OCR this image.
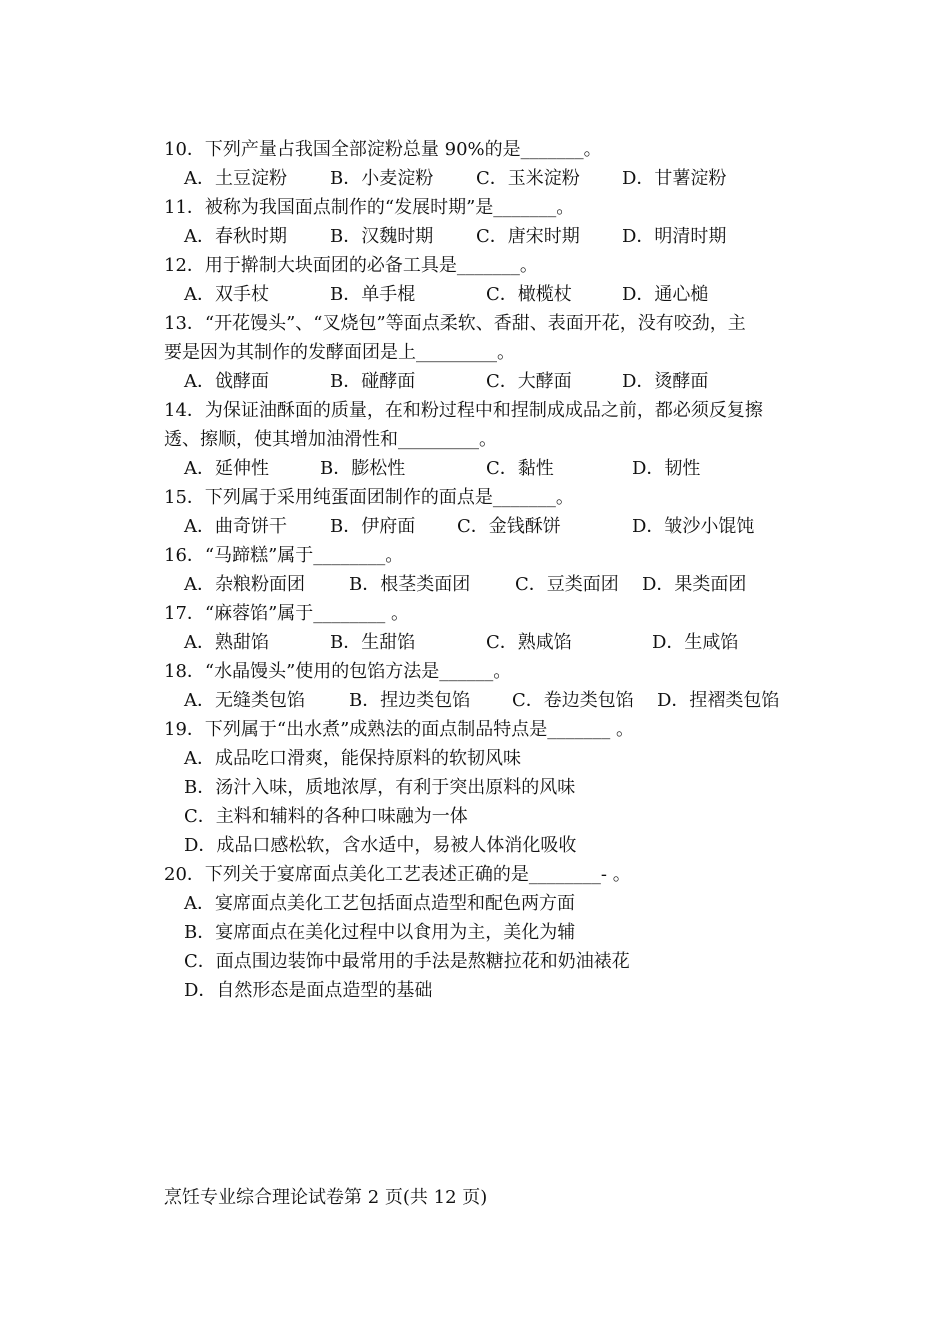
10．下列产量占我国全部淀粉总量 90%的是_______。
A．土豆淀粉 B．小麦淀粉 C．玉米淀粉 D．甘薯淀粉
11．被称为我国面点制作的“发展时期”是_______。
A．春秋时期 B．汉魏时期 C．唐宋时期 D．明清时期
12．用于擀制大块面团的必备工具是_______。
A．双手杖	B．单手棍	C．橄榄杖	D．通心槌
13．“开花馒头”、“叉烧包”等面点柔软、香甜、表面开花，没有咬劲，主
要是因为其制作的发酵面团是上_________。
A．戗酵面	B．碰酵面	C．大酵面	D．烫酵面
14．为保证油酥面的质量，在和粉过程中和捏制成成品之前，都必须反复擦
透、擦顺，使其增加油滑性和_________。
A．延伸性	B．膨松性	C．黏性	D．韧性
15．下列属于采用纯蛋面团制作的面点是_______。
A．曲奇饼干 B．伊府面 C．金钱酥饼	D．皱沙小馄饨
16．“马蹄糕”属于________。
A．杂粮粉面团 B．根茎类面团 C．豆类面团 D．果类面团
17．“麻蓉馅”属于________ 。
A．熟甜馅	B．生甜馅	C．熟咸馅	D．生咸馅
18．“水晶馒头”使用的包馅方法是______。
A．无缝类包馅 B．捏边类包馅 C．卷边类包馅 D．捏褶类包馅
19．下列属于“出水煮”成熟法的面点制品特点是_______ 。
A．成品吃口滑爽，能保持原料的软韧风味
B．汤汁入味，质地浓厚，有利于突出原料的风味
C．主料和辅料的各种口味融为一体
D．成品口感松软，含水适中，易被人体消化吸收
20．下列关于宴席面点美化工艺表述正确的是________- 。
A．宴席面点美化工艺包括面点造型和配色两方面
B．宴席面点在美化过程中以食用为主，美化为辅
C．面点围边装饰中最常用的手法是熬糖拉花和奶油裱花
D．自然形态是面点造型的基础
烹饪专业综合理论试卷第 2 页(共 12 页)
